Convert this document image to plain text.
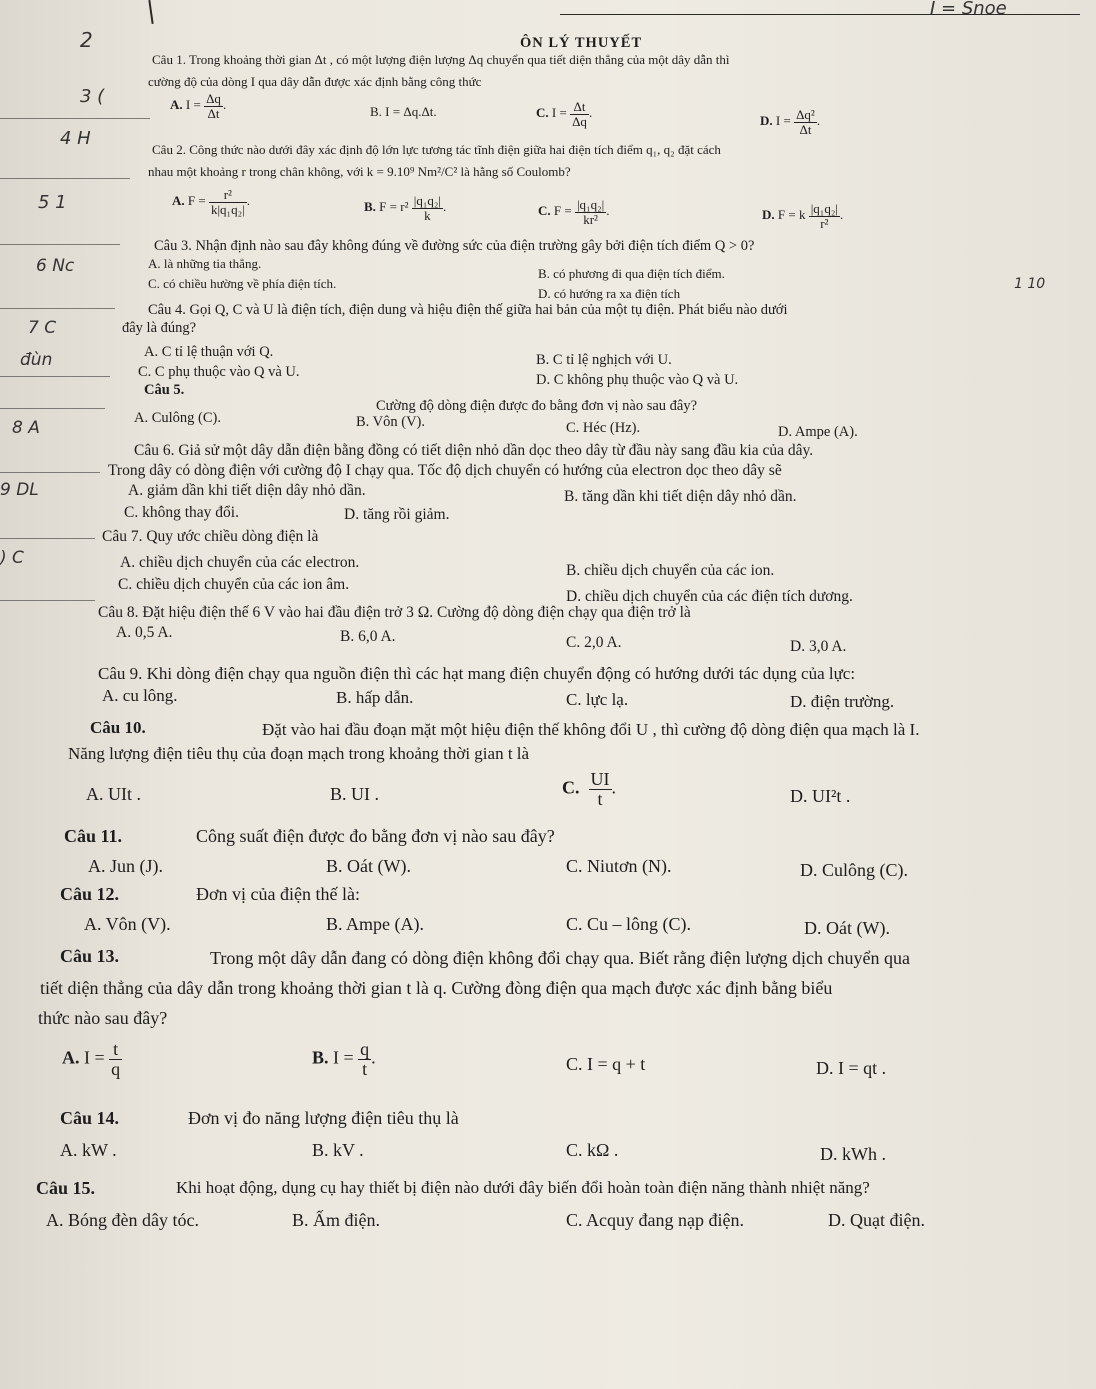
I = Snoe
2
3 (
4 H
5 1
6 Nc
7 C
đùn
8 A
9 DL
) C
1 10
ÔN LÝ THUYẾT
Câu 1. Trong khoảng thời gian Δt , có một lượng điện lượng Δq chuyển qua tiết diện thẳng của một dây dẫn thì
cường độ của dòng I qua dây dẫn được xác định bằng công thức
A. $I = \frac{\Delta q}{\Delta t}$ .	B. I = Δq.Δt.	C. $I = \frac{\Delta t}{\Delta q}$ .
D. $I = \frac{\text{Δq²}}{\Delta t}$ .
Câu 2. Công thức nào dưới đây xác định độ lớn lực tương tác tĩnh điện giữa hai điện tích điểm q₁, q₂ đặt cách
nhau một khoảng r trong chân không, với k = 9.10⁹ Nm²/C² là hằng số Coulomb?
A. $F = \frac{\text{r²}}{\text{k|q₁q₂|}}$ .	B. $F = r^2 \frac{\text{|q₁q₂|}}{k}$ .	C. $F = \frac{\text{|q₁q₂|}}{\text{kr²}}$ .	D. F = k $\frac{\text{|q₁q₂|}}{\text{r²}}$ .
Câu 3. Nhận định nào sau đây không đúng về đường sức của điện trường gây bởi điện tích điểm Q > 0?
A. là những tia thẳng.
B. có phương đi qua điện tích điểm.
C. có chiều hường về phía điện tích.
D. có hướng ra xa điện tích
Câu 4. Gọi Q, C và U là điện tích, điện dung và hiệu điện thế giữa hai bản của một tụ điện. Phát biểu nào dưới
đây là đúng?
A. C tỉ lệ thuận với Q.	B. C tỉ lệ nghịch với U.
C. C phụ thuộc vào Q và U.	D. C không phụ thuộc vào Q và U.
Câu 5.
Cường độ dòng điện được đo bằng đơn vị nào sau đây?
A. Culông (C).	B. Vôn (V).	C. Héc (Hz).	D. Ampe (A).
Câu 6. Giả sử một dây dẫn điện bằng đồng có tiết diện nhỏ dần dọc theo dây từ đầu này sang đầu kia của dây.
Trong dây có dòng điện với cường độ I chạy qua. Tốc độ dịch chuyển có hướng của electron dọc theo dây sẽ
A. giảm dần khi tiết diện dây nhỏ dần.	B. tăng dần khi tiết diện dây nhỏ dần.
C. không thay đổi.	D. tăng rồi giảm.
Câu 7. Quy ước chiều dòng điện là
A. chiều dịch chuyển của các electron.	B. chiều dịch chuyển của các ion.
C. chiều dịch chuyển của các ion âm.
D. chiều dịch chuyển của các điện tích dương.
Câu 8. Đặt hiệu điện thế 6 V vào hai đầu điện trở 3 Ω. Cường độ dòng điện chạy qua điện trở là
A. 0,5 A.	B. 6,0 A.	C. 2,0 A.	D. 3,0 A.
Câu 9. Khi dòng điện chạy qua nguồn điện thì các hạt mang điện chuyển động có hướng dưới tác dụng của lực:
A. cu lông.	B. hấp dẫn.	C. lực lạ.	D. điện trường.
Câu 10.	Đặt vào hai đầu đoạn mặt một hiệu điện thế không đổi U , thì cường độ dòng điện qua mạch là I.
Năng lượng điện tiêu thụ của đoạn mạch trong khoảng thời gian t là
A. UIt .	B. UI .	C. $\frac{UI}{t}$ .	D. UI²t .
Câu 11.	Công suất điện được đo bằng đơn vị nào sau đây?
A. Jun (J).	B. Oát (W).	C. Niutơn (N).	D. Culông (C).
Câu 12.	Đơn vị của điện thế là:
A. Vôn (V).	B. Ampe (A).	C. Cu – lông (C).	D. Oát (W).
Câu 13.	Trong một dây dẫn đang có dòng điện không đổi chạy qua. Biết rằng điện lượng dịch chuyển qua
tiết diện thẳng của dây dẫn trong khoảng thời gian t là q. Cường đòng điện qua mạch được xác định bằng biểu
thức nào sau đây?
A. $I = \frac{t}{q}$	B. $I = \frac{q}{t}$ .	C. I = q + t	D. I = qt .
Câu 14.	Đơn vị đo năng lượng điện tiêu thụ là
A. kW .	B. kV .	C. kΩ .	D. kWh .
Câu 15.	Khi hoạt động, dụng cụ hay thiết bị điện nào dưới đây biến đổi hoàn toàn điện năng thành nhiệt năng?
A. Bóng đèn dây tóc.	B. Ấm điện.	C. Acquy đang nạp điện.	D. Quạt điện.
